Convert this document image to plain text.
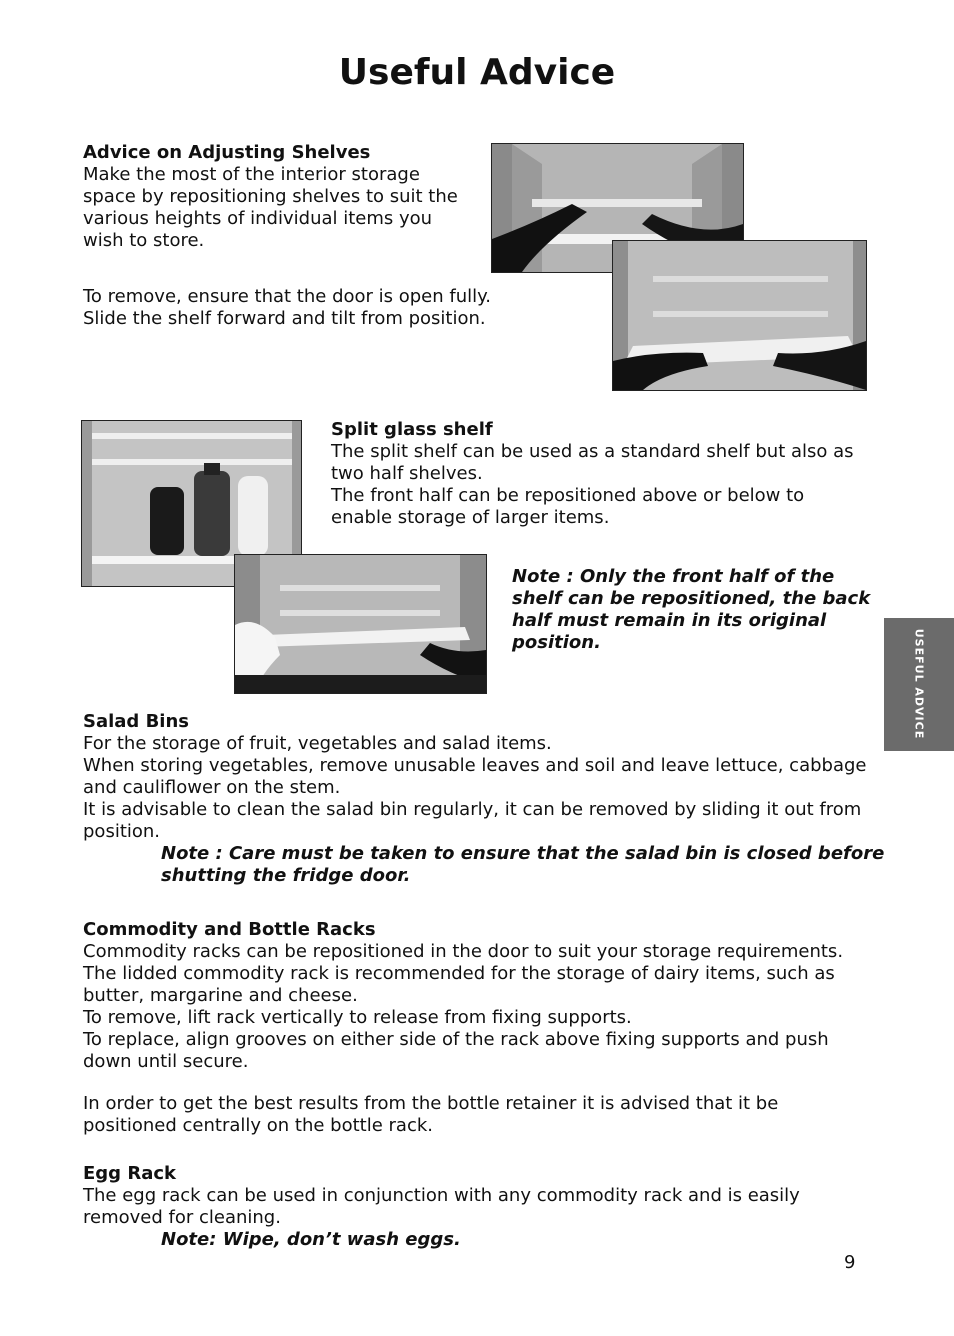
Useful Advice

Advice on Adjusting Shelves

Make the most of the interior storage

space by repositioning shelves to suit the

various heights of individual items you

wish to store.

To remove, ensure that the door is open fully.

Slide the shelf forward and tilt from position.

Split glass shelf

The split shelf can be used as a standard shelf but also as

two half shelves.

The front half can be repositioned above or below to

enable storage of larger items.

Note : Only the front half of the

shelf can be repositioned, the back

half must remain in its original

position.	USEFUL ADVICE

Salad Bins

For the storage of fruit, vegetables and salad items.

When storing vegetables, remove unusable leaves and soil and leave lettuce, cabbage

and cauliflower on the stem.

It is advisable to clean the salad bin regularly, it can be removed by sliding it out from

position.

Note : Care must be taken to ensure that the salad bin is closed before

shutting the fridge door.

Commodity and Bottle Racks

Commodity racks can be repositioned in the door to suit your storage requirements.

The lidded commodity rack is recommended for the storage of dairy items, such as

butter, margarine and cheese.

To remove, lift rack vertically to release from fixing supports.

To replace, align grooves on either side of the rack above fixing supports and push

down until secure.

In order to get the best results from the bottle retainer it is advised that it be

positioned centrally on the bottle rack.

Egg Rack

The egg rack can be used in conjunction with any commodity rack and is easily

removed for cleaning.

Note: Wipe, don’t wash eggs.

9
